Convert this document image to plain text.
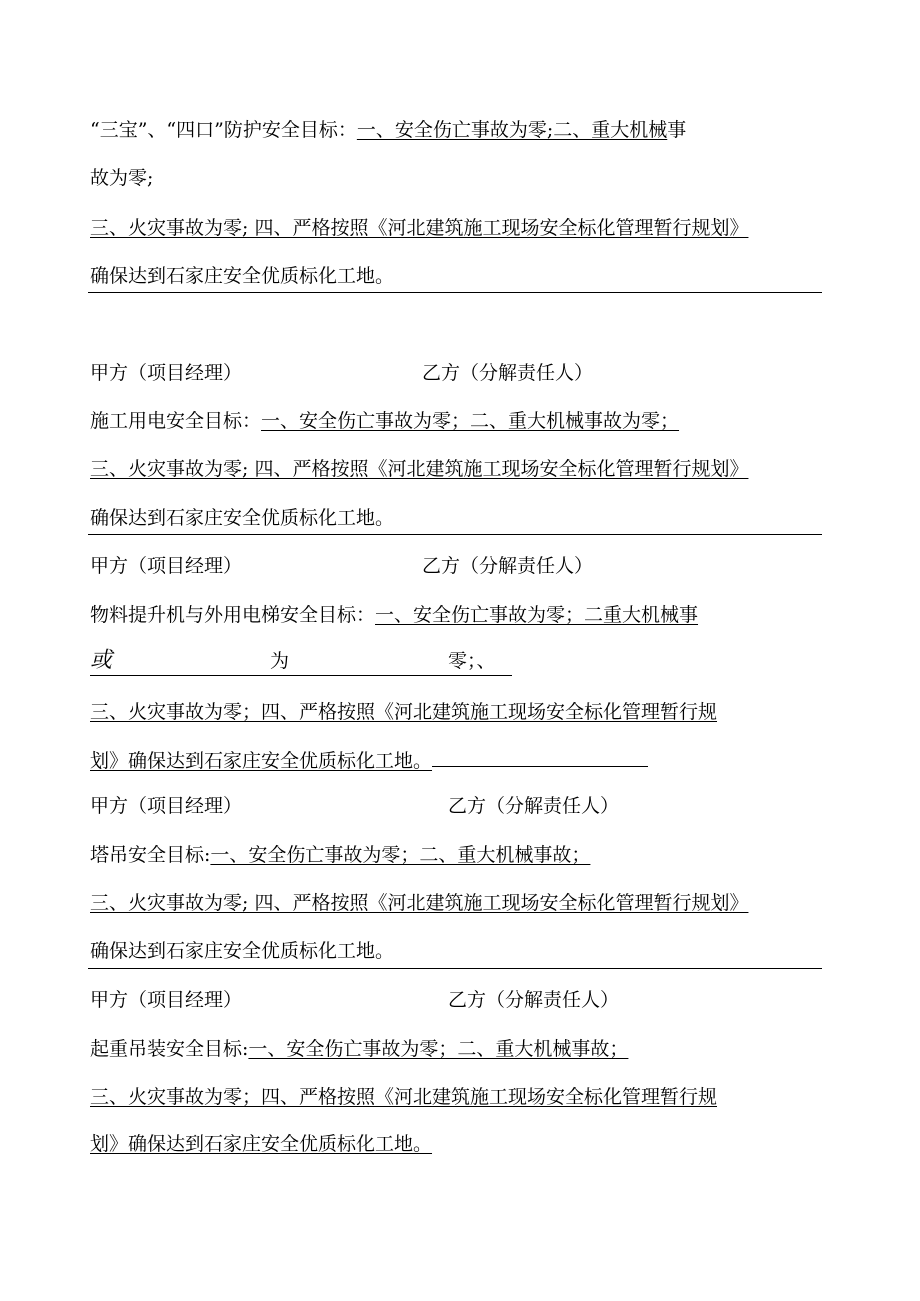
“三宝”、“四口”防护安全目标：一、安全伤亡事故为零;二、重大机械事
故为零;
三、火灾事故为零; 四、严格按照《河北建筑施工现场安全标化管理暂行规划》
确保达到石家庄安全优质标化工地。
甲方（项目经理）	乙方（分解责任人）
施工用电安全目标：一、安全伤亡事故为零；二、重大机械事故为零；
三、火灾事故为零; 四、严格按照《河北建筑施工现场安全标化管理暂行规划》
确保达到石家庄安全优质标化工地。
甲方（项目经理）	乙方（分解责任人）
物料提升机与外用电梯安全目标：一、安全伤亡事故为零；二重大机械事
或	为	零；、
三、火灾事故为零；四、严格按照《河北建筑施工现场安全标化管理暂行规
划》确保达到石家庄安全优质标化工地。
甲方（项目经理）	乙方（分解责任人）
塔吊安全目标:一、安全伤亡事故为零；二、重大机械事故；
三、火灾事故为零; 四、严格按照《河北建筑施工现场安全标化管理暂行规划》
确保达到石家庄安全优质标化工地。
甲方（项目经理）	乙方（分解责任人）
起重吊装安全目标:一、安全伤亡事故为零；二、重大机械事故；
三、火灾事故为零；四、严格按照《河北建筑施工现场安全标化管理暂行规
划》确保达到石家庄安全优质标化工地。
